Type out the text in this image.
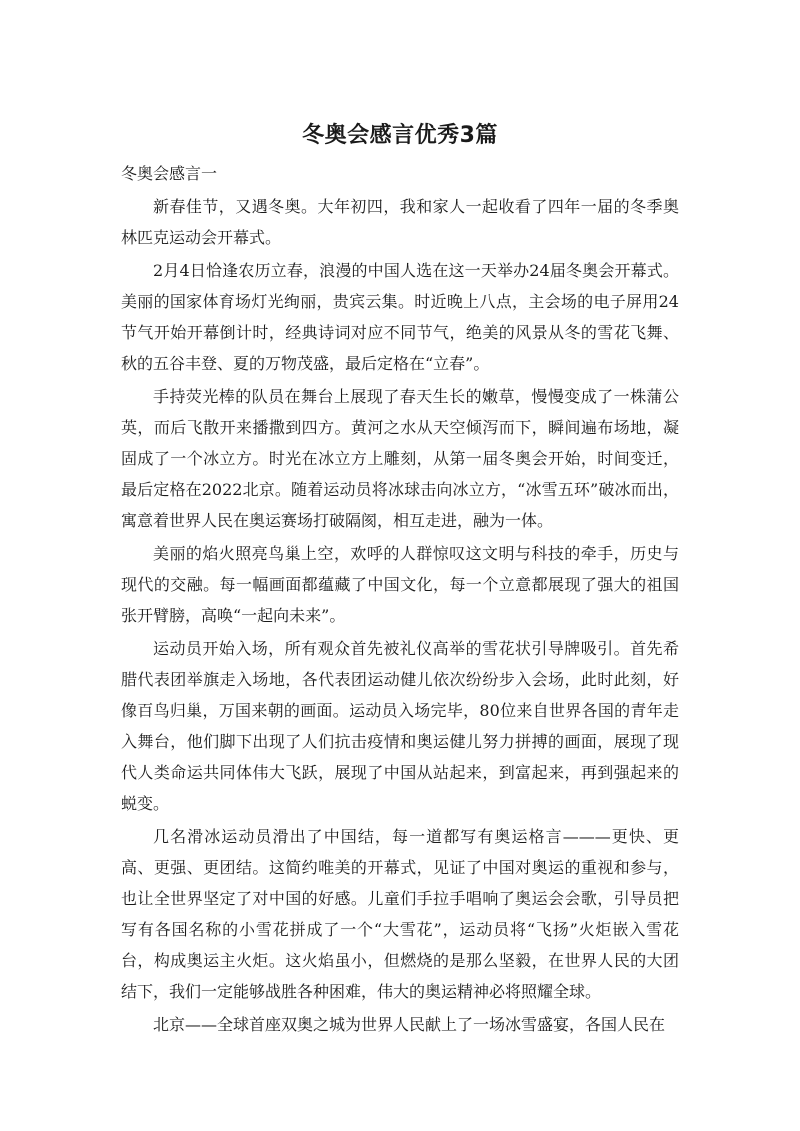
冬奥会感言优秀3篇

冬奥会感言一

新春佳节，又遇冬奥。大年初四，我和家人一起收看了四年一届的冬季奥林匹克运动会开幕式。

2月4日恰逢农历立春，浪漫的中国人选在这一天举办24届冬奥会开幕式。美丽的国家体育场灯光绚丽，贵宾云集。时近晚上八点，主会场的电子屏用24节气开始开幕倒计时，经典诗词对应不同节气，绝美的风景从冬的雪花飞舞、秋的五谷丰登、夏的万物茂盛，最后定格在“立春”。

手持荧光棒的队员在舞台上展现了春天生长的嫩草，慢慢变成了一株蒲公英，而后飞散开来播撒到四方。黄河之水从天空倾泻而下，瞬间遍布场地，凝固成了一个冰立方。时光在冰立方上雕刻，从第一届冬奥会开始，时间变迁，最后定格在2022北京。随着运动员将冰球击向冰立方，“冰雪五环”破冰而出，寓意着世界人民在奥运赛场打破隔阂，相互走进，融为一体。

美丽的焰火照亮鸟巢上空，欢呼的人群惊叹这文明与科技的牵手，历史与现代的交融。每一幅画面都蕴藏了中国文化，每一个立意都展现了强大的祖国张开臂膀，高唤“一起向未来”。

运动员开始入场，所有观众首先被礼仪高举的雪花状引导牌吸引。首先希腊代表团举旗走入场地，各代表团运动健儿依次纷纷步入会场，此时此刻，好像百鸟归巢，万国来朝的画面。运动员入场完毕，80位来自世界各国的青年走入舞台，他们脚下出现了人们抗击疫情和奥运健儿努力拼搏的画面，展现了现代人类命运共同体伟大飞跃，展现了中国从站起来，到富起来，再到强起来的蜕变。

几名滑冰运动员滑出了中国结，每一道都写有奥运格言———更快、更高、更强、更团结。这简约唯美的开幕式，见证了中国对奥运的重视和参与，也让全世界坚定了对中国的好感。儿童们手拉手唱响了奥运会会歌，引导员把写有各国名称的小雪花拼成了一个“大雪花”，运动员将“飞扬”火炬嵌入雪花台，构成奥运主火炬。这火焰虽小，但燃烧的是那么坚毅，在世界人民的大团结下，我们一定能够战胜各种困难，伟大的奥运精神必将照耀全球。

北京——全球首座双奥之城为世界人民献上了一场冰雪盛宴，各国人民在
